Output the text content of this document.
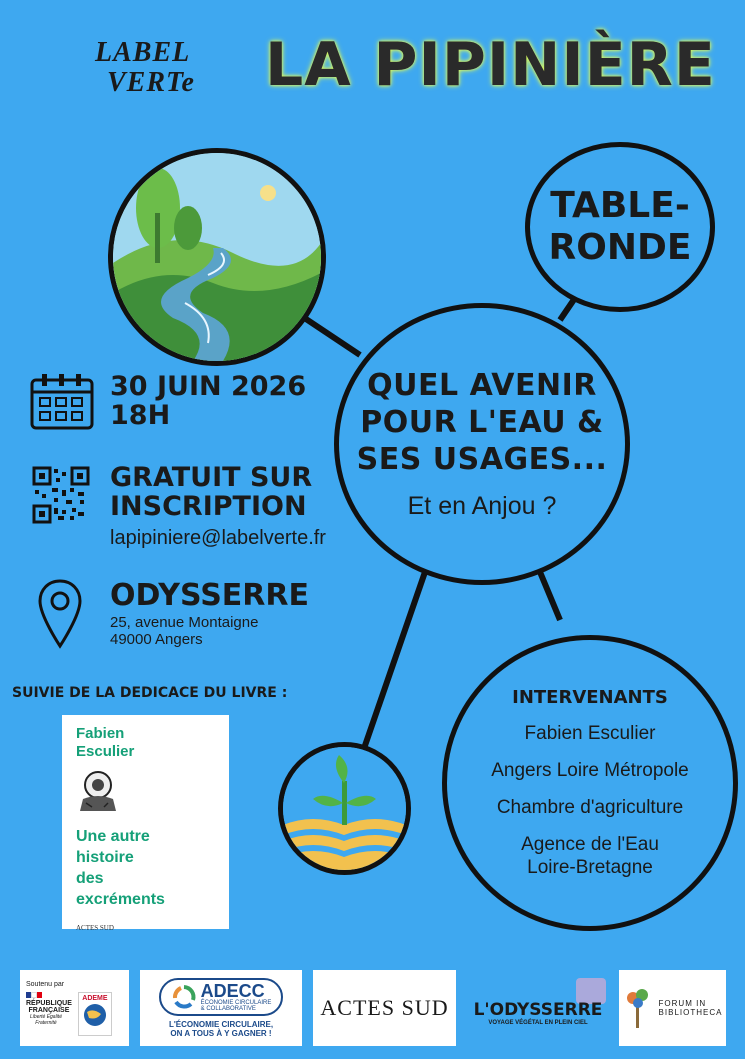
LABEL
VERTe LA PIPINIÈRE
TABLE-
RONDE
QUEL AVENIR
POUR L'EAU &
SES USAGES...
Et en Anjou ?
30 JUIN 2026
18H
GRATUIT SUR
INSCRIPTION
lapipiniere@labelverte.fr
ODYSSERRE
25, avenue Montaigne
49000 Angers
SUIVIE DE LA DEDICACE DU LIVRE :
Fabien
Esculier
Une autre
histoire
des
excréments
ACTES SUD
INTERVENANTS
Fabien Esculier
Angers Loire Métropole
Chambre d'agriculture
Agence de l'Eau Loire-Bretagne
Soutenu par
RÉPUBLIQUE
FRANÇAISE
Liberté Égalité Fraternité
ADEME	ADECC
ÉCONOMIE CIRCULAIRE
& COLLABORATIVE
L'ÉCONOMIE CIRCULAIRE,
ON A TOUS À Y GAGNER !
ACTES SUD L'ODYSSERRE
VOYAGE VÉGÉTAL EN PLEIN CIEL
FORUM IN
BIBLIOTHECA
